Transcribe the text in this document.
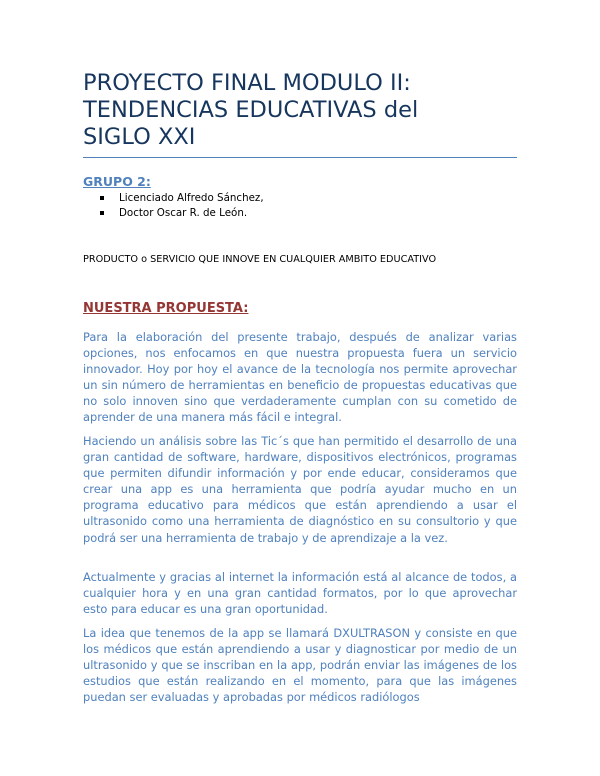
PROYECTO FINAL MODULO II:
TENDENCIAS EDUCATIVAS del
SIGLO XXI
GRUPO 2:
Licenciado Alfredo Sánchez,
Doctor Oscar R. de León.
PRODUCTO o SERVICIO QUE INNOVE EN CUALQUIER AMBITO EDUCATIVO
NUESTRA PROPUESTA:

Para la elaboración del presente trabajo, después de analizar varias opciones, nos enfocamos en que nuestra propuesta fuera un servicio innovador. Hoy por hoy el avance de la tecnología nos permite aprovechar un sin número de herramientas en beneficio de propuestas educativas que no solo innoven sino que verdaderamente cumplan con su cometido de aprender de una manera más fácil e integral.

Haciendo un análisis sobre las Tic´s que han permitido el desarrollo de una gran cantidad de software, hardware, dispositivos electrónicos, programas que permiten difundir información y por ende educar, consideramos que crear una app es una herramienta que podría ayudar mucho en un programa educativo para médicos que están aprendiendo a usar el ultrasonido como una herramienta de diagnóstico en su consultorio y que podrá ser una herramienta de trabajo y de aprendizaje a la vez.

Actualmente y gracias al internet la información está al alcance de todos, a cualquier hora y en una gran cantidad formatos, por lo que aprovechar esto para educar es una gran oportunidad.

La idea que tenemos de la app se llamará DXULTRASON y consiste en que los médicos que están aprendiendo a usar y diagnosticar por medio de un ultrasonido y que se inscriban en la app, podrán enviar las imágenes de los estudios que están realizando en el momento, para que las imágenes puedan ser evaluadas y aprobadas por médicos radiólogos
